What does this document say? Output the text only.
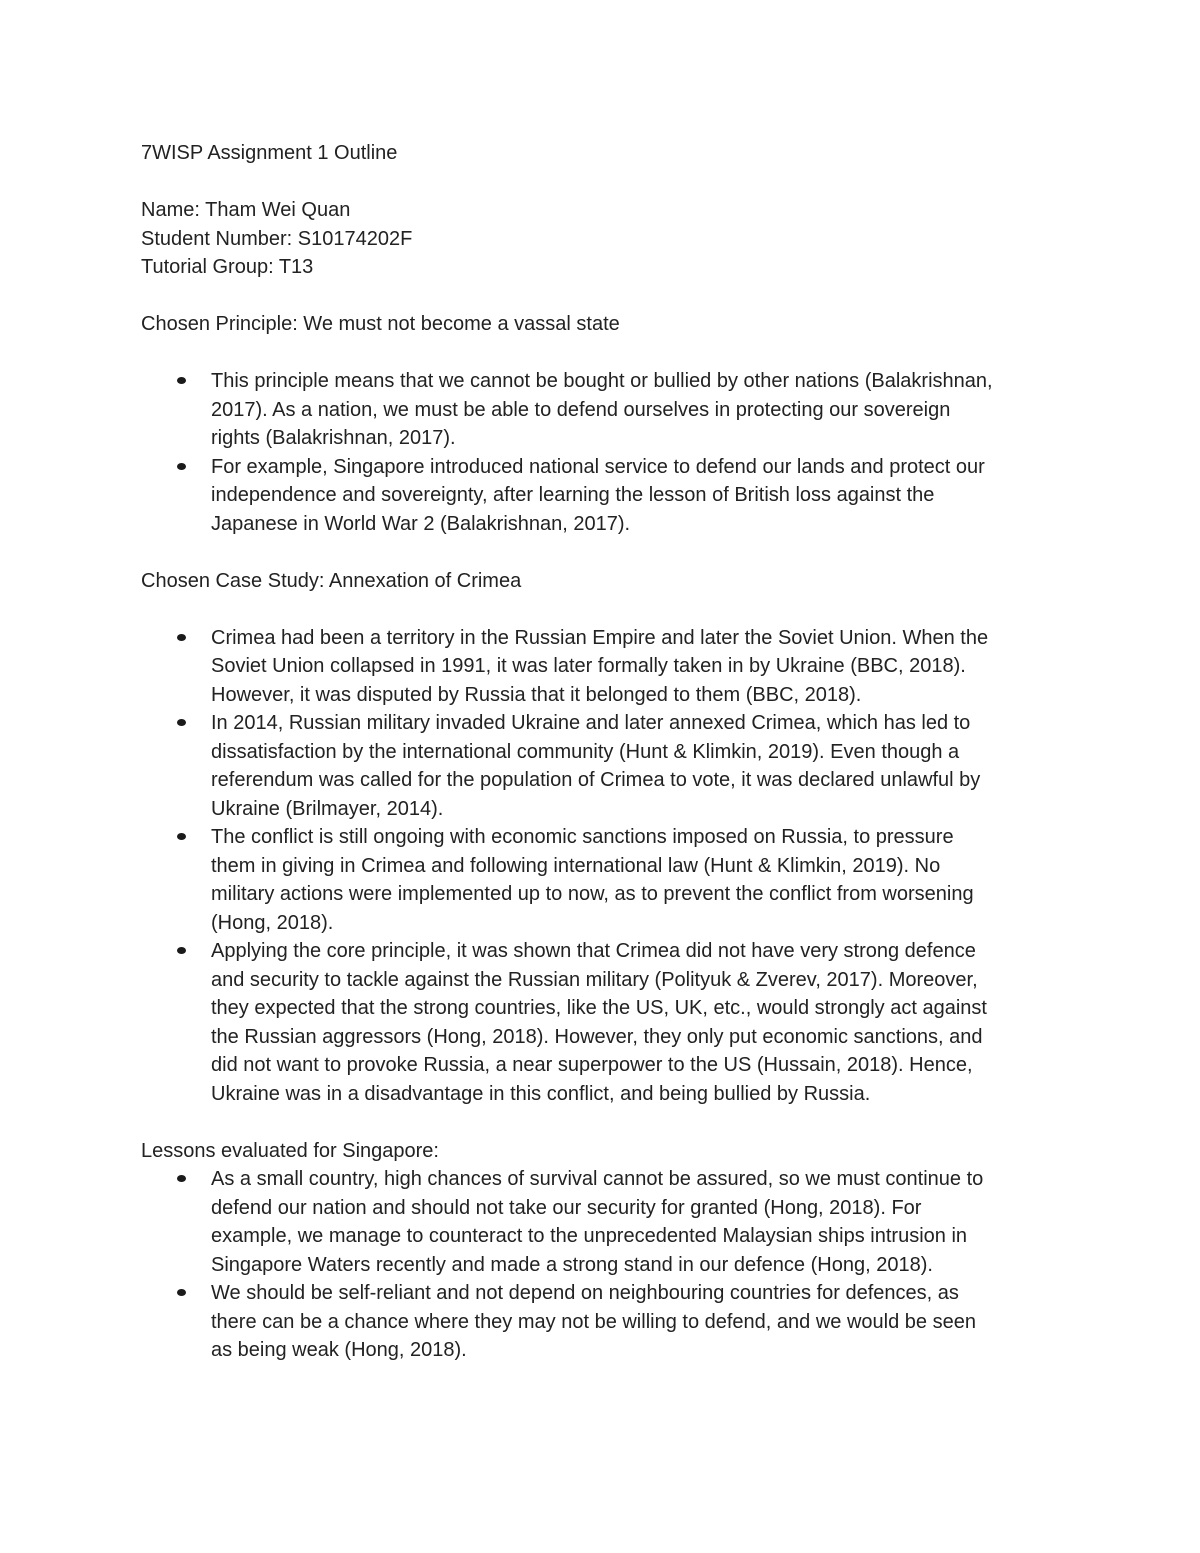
7WISP Assignment 1 Outline

Name: Tham Wei Quan

Student Number: S10174202F

Tutorial Group: T13

Chosen Principle: We must not become a vassal state

This principle means that we cannot be bought or bullied by other nations (Balakrishnan,
2017). As a nation, we must be able to defend ourselves in protecting our sovereign
rights (Balakrishnan, 2017).
For example, Singapore introduced national service to defend our lands and protect our
independence and sovereignty, after learning the lesson of British loss against the
Japanese in World War 2 (Balakrishnan, 2017).

Chosen Case Study: Annexation of Crimea

Crimea had been a territory in the Russian Empire and later the Soviet Union. When the
Soviet Union collapsed in 1991, it was later formally taken in by Ukraine (BBC, 2018).
However, it was disputed by Russia that it belonged to them (BBC, 2018).
In 2014, Russian military invaded Ukraine and later annexed Crimea, which has led to
dissatisfaction by the international community (Hunt & Klimkin, 2019). Even though a
referendum was called for the population of Crimea to vote, it was declared unlawful by
Ukraine (Brilmayer, 2014).
The conflict is still ongoing with economic sanctions imposed on Russia, to pressure
them in giving in Crimea and following international law (Hunt & Klimkin, 2019). No
military actions were implemented up to now, as to prevent the conflict from worsening
(Hong, 2018).
Applying the core principle, it was shown that Crimea did not have very strong defence
and security to tackle against the Russian military (Polityuk & Zverev, 2017). Moreover,
they expected that the strong countries, like the US, UK, etc., would strongly act against
the Russian aggressors (Hong, 2018). However, they only put economic sanctions, and
did not want to provoke Russia, a near superpower to the US (Hussain, 2018). Hence,
Ukraine was in a disadvantage in this conflict, and being bullied by Russia.

Lessons evaluated for Singapore:

As a small country, high chances of survival cannot be assured, so we must continue to
defend our nation and should not take our security for granted (Hong, 2018). For
example, we manage to counteract to the unprecedented Malaysian ships intrusion in
Singapore Waters recently and made a strong stand in our defence (Hong, 2018).
We should be self-reliant and not depend on neighbouring countries for defences, as
there can be a chance where they may not be willing to defend, and we would be seen
as being weak (Hong, 2018).
